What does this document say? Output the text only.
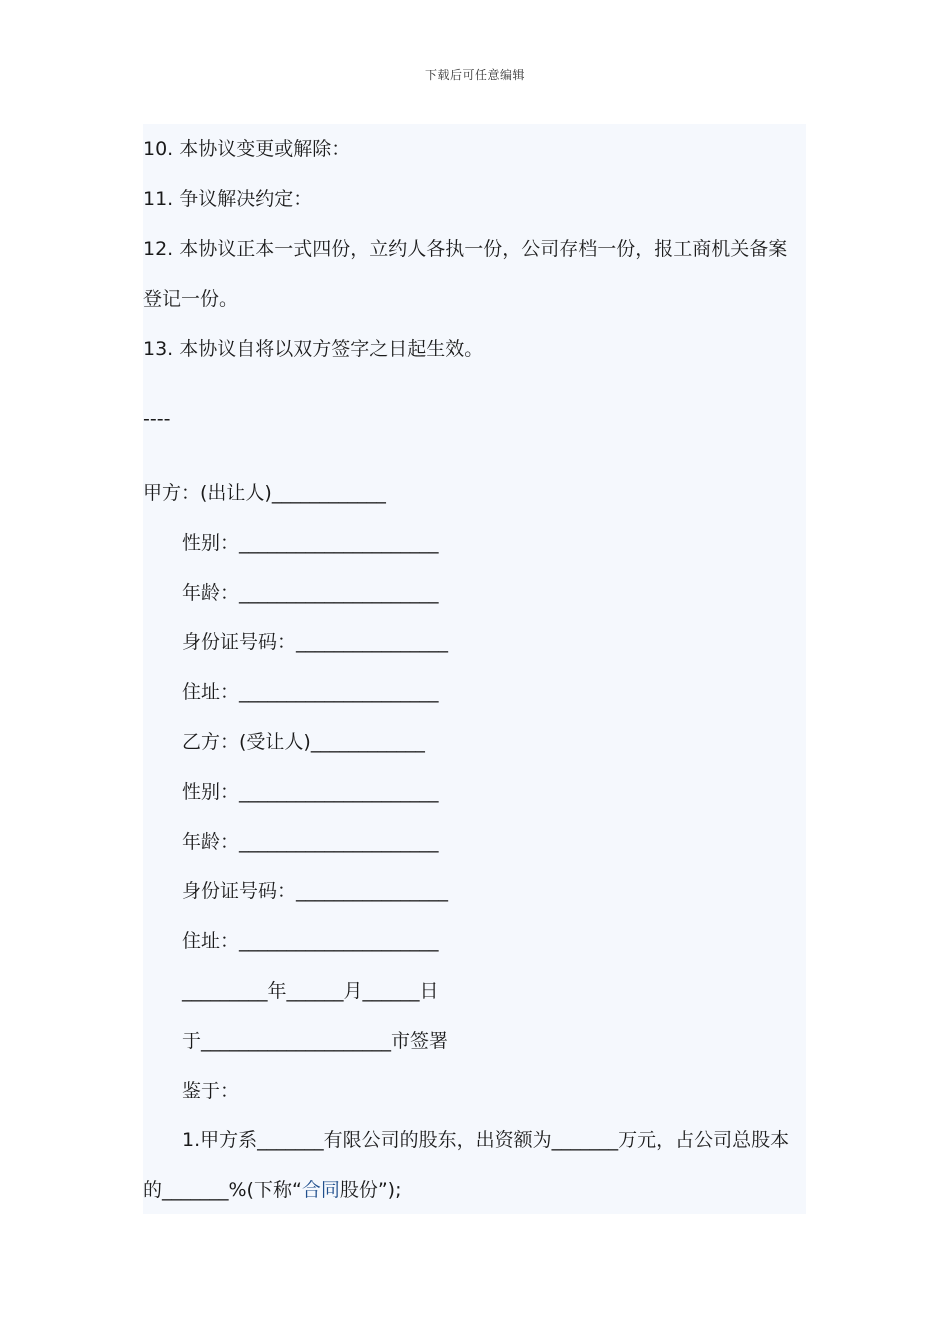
下载后可任意编辑
10. 本协议变更或解除：
11. 争议解决约定：
12. 本协议正本一式四份，立约人各执一份，公司存档一份，报工商机关备案
登记一份。
13. 本协议自将以双方签字之日起生效。
----
甲方：(出让人)____________
性别：_____________________
年龄：_____________________
身份证号码：________________
住址：_____________________
乙方：(受让人)____________
性别：_____________________
年龄：_____________________
身份证号码：________________
住址：_____________________
_________年______月______日
于____________________市签署
鉴于：
1.甲方系_______有限公司的股东，出资额为_______万元，占公司总股本
的_______%(下称“合同股份”);
